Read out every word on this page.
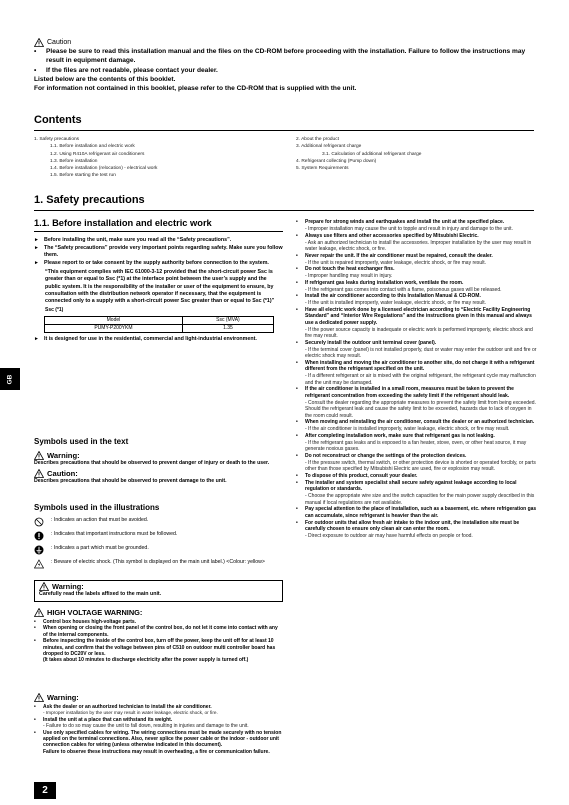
Caution
•	Please be sure to read this installation manual and the files on the CD-ROM before proceeding with the installation. Failure to follow the instructions may result in equipment damage.
•	If the files are not readable, please contact your dealer.
Listed below are the contents of this booklet.
For information not contained in this booklet, please refer to the CD-ROM that is supplied with the unit.
Contents
1. Safety precautions
1.1. Before installation and electric work
1.2. Using R410A refrigerant air conditioners
1.3. Before installation
1.4. Before installation (relocation) - electrical work
1.5. Before starting the test run
2. About the product
3. Additional refrigerant charge
3.1. Calculation of additional refrigerant charge
4. Refrigerant collecting (Pump down)
5. System Requirements
1. Safety precautions
1.1. Before installation and electric work
GB
► Before installing the unit, make sure you read all the “Safety precautions”.
► The “Safety precautions” provide very important points regarding safety. Make sure you follow them.
► Please report to or take consent by the supply authority before connection to the system.
“This equipment complies with IEC 61000-3-12 provided that the short-circuit power Ssc is greater than or equal to Ssc (*1) at the interface point between the user’s supply and the public system. It is the responsibility of the installer or user of the equipment to ensure, by consultation with the distribution network operator if necessary, that the equipment is connected only to a supply with a short-circuit power Ssc greater than or equal to Ssc (*1)”
Ssc (*1)
Model	Ssc (MVA)
PUMY-P200YKM	1.35
► It is designed for use in the residential, commercial and light-industrial environment.
Symbols used in the text
Warning:
Describes precautions that should be observed to prevent danger of injury or death to the user.
Caution:
Describes precautions that should be observed to prevent damage to the unit.
Symbols used in the illustrations
: Indicates an action that must be avoided.
: Indicates that important instructions must be followed.
: Indicates a part which must be grounded.
: Beware of electric shock. (This symbol is displayed on the main unit label.) <Colour: yellow>
Warning:
Carefully read the labels affixed to the main unit.
HIGH VOLTAGE WARNING:
•	Control box houses high-voltage parts.
•	When opening or closing the front panel of the control box, do not let it come into contact with any of the internal components.
•	Before inspecting the inside of the control box, turn off the power, keep the unit off for at least 10 minutes, and confirm that the voltage between pins of C510 on outdoor multi controller board has dropped to DC20V or less.
(It takes about 10 minutes to discharge electricity after the power supply is turned off.)
Warning:
•	Ask the dealer or an authorized technician to install the air conditioner.
- Improper installation by the user may result in water leakage, electric shock, or fire.
•	Install the unit at a place that can withstand its weight.
- Failure to do so may cause the unit to fall down, resulting in injuries and damage to the unit.
•	Use only specified cables for wiring. The wiring connections must be made securely with no tension applied on the terminal connections. Also, never splice the power cable or the indoor - outdoor unit connection cables for wiring (unless otherwise indicated in this document).
Failure to observe these instructions may result in overheating, a fire or communication failure.
•	Prepare for strong winds and earthquakes and install the unit at the specified place.
- Improper installation may cause the unit to topple and result in injury and damage to the unit.
•	Always use filters and other accessories specified by Mitsubishi Electric.
- Ask an authorized technician to install the accessories. Improper installation by the user may result in water leakage, electric shock, or fire.
•	Never repair the unit. If the air conditioner must be repaired, consult the dealer.
- If the unit is repaired improperly, water leakage, electric shock, or fire may result.
•	Do not touch the heat exchanger fins.
- Improper handling may result in injury.
•	If refrigerant gas leaks during installation work, ventilate the room.
- If the refrigerant gas comes into contact with a flame, poisonous gases will be released.
•	Install the air conditioner according to this Installation Manual & CD-ROM.
- If the unit is installed improperly, water leakage, electric shock, or fire may result.
•	Have all electric work done by a licensed electrician according to “Electric Facility Engineering Standard” and “Interior Wire Regulations” and the instructions given in this manual and always use a dedicated power supply.
- If the power source capacity is inadequate or electric work is performed improperly, electric shock and fire may result.
•	Securely install the outdoor unit terminal cover (panel).
- If the terminal cover (panel) is not installed properly, dust or water may enter the outdoor unit and fire or electric shock may result.
•	When installing and moving the air conditioner to another site, do not charge it with a refrigerant different from the refrigerant specified on the unit.
- If a different refrigerant or air is mixed with the original refrigerant, the refrigerant cycle may malfunction and the unit may be damaged.
•	If the air conditioner is installed in a small room, measures must be taken to prevent the refrigerant concentration from exceeding the safety limit if the refrigerant should leak.
- Consult the dealer regarding the appropriate measures to prevent the safety limit from being exceeded. Should the refrigerant leak and cause the safety limit to be exceeded, hazards due to lack of oxygen in the room could result.
•	When moving and reinstalling the air conditioner, consult the dealer or an authorized technician.
- If the air conditioner is installed improperly, water leakage, electric shock, or fire may result.
•	After completing installation work, make sure that refrigerant gas is not leaking.
- If the refrigerant gas leaks and is exposed to a fan heater, stove, oven, or other heat source, it may generate noxious gases.
•	Do not reconstruct or change the settings of the protection devices.
- If the pressure switch, thermal switch, or other protection device is shorted or operated forcibly, or parts other than those specified by Mitsubishi Electric are used, fire or explosion may result.
•	To dispose of this product, consult your dealer.
•	The installer and system specialist shall secure safety against leakage according to local regulation or standards.
- Choose the appropriate wire size and the switch capacities for the main power supply described in this manual if local regulations are not available.
•	Pay special attention to the place of installation, such as a basement, etc. where refrigeration gas can accumulate, since refrigerant is heavier than the air.
•	For outdoor units that allow fresh air intake to the indoor unit, the installation site must be carefully chosen to ensure only clean air can enter the room.
- Direct exposure to outdoor air may have harmful effects on people or food.
2
